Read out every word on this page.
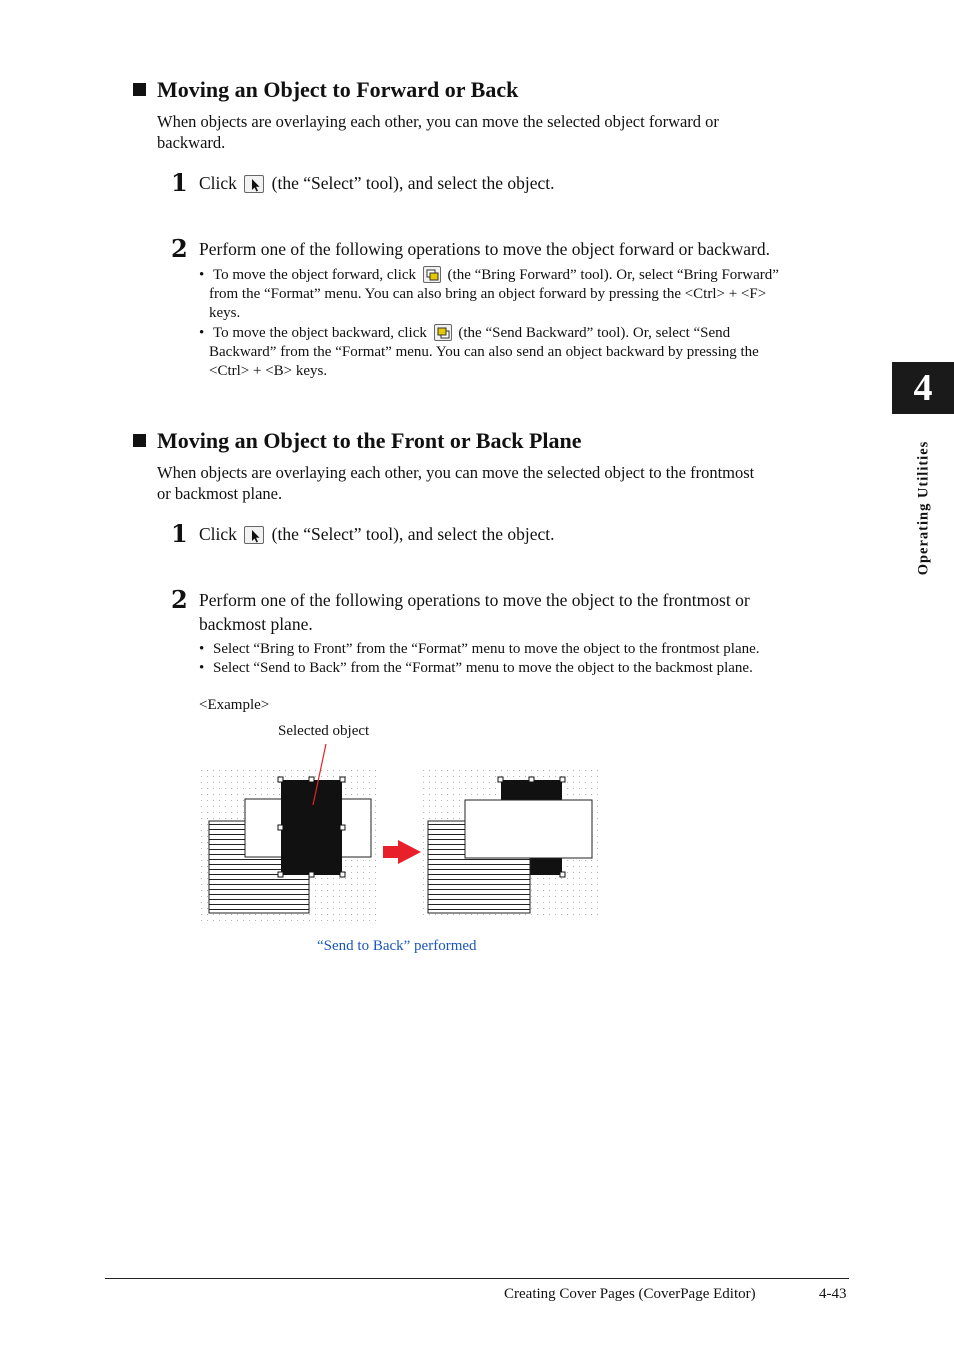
Moving an Object to Forward or Back
When objects are overlaying each other, you can move the selected object forward or
backward.
1 Click (the “Select” tool), and select the object.
2 Perform one of the following operations to move the object forward or backward.
• To move the object forward, click (the “Bring Forward” tool). Or, select “Bring Forward”
from the “Format” menu. You can also bring an object forward by pressing the <Ctrl> + <F>
keys.
• To move the object backward, click (the “Send Backward” tool). Or, select “Send
Backward” from the “Format” menu. You can also send an object backward by pressing the
<Ctrl> + <B> keys.
Moving an Object to the Front or Back Plane
When objects are overlaying each other, you can move the selected object to the frontmost
or backmost plane.
1 Click (the “Select” tool), and select the object.
2 Perform one of the following operations to move the object to the frontmost or
backmost plane.
• Select “Bring to Front” from the “Format” menu to move the object to the frontmost plane.
• Select “Send to Back” from the “Format” menu to move the object to the backmost plane.
<Example>
Selected object
“Send to Back” performed
4
Operating Utilities
Creating Cover Pages (CoverPage Editor)	4-43
